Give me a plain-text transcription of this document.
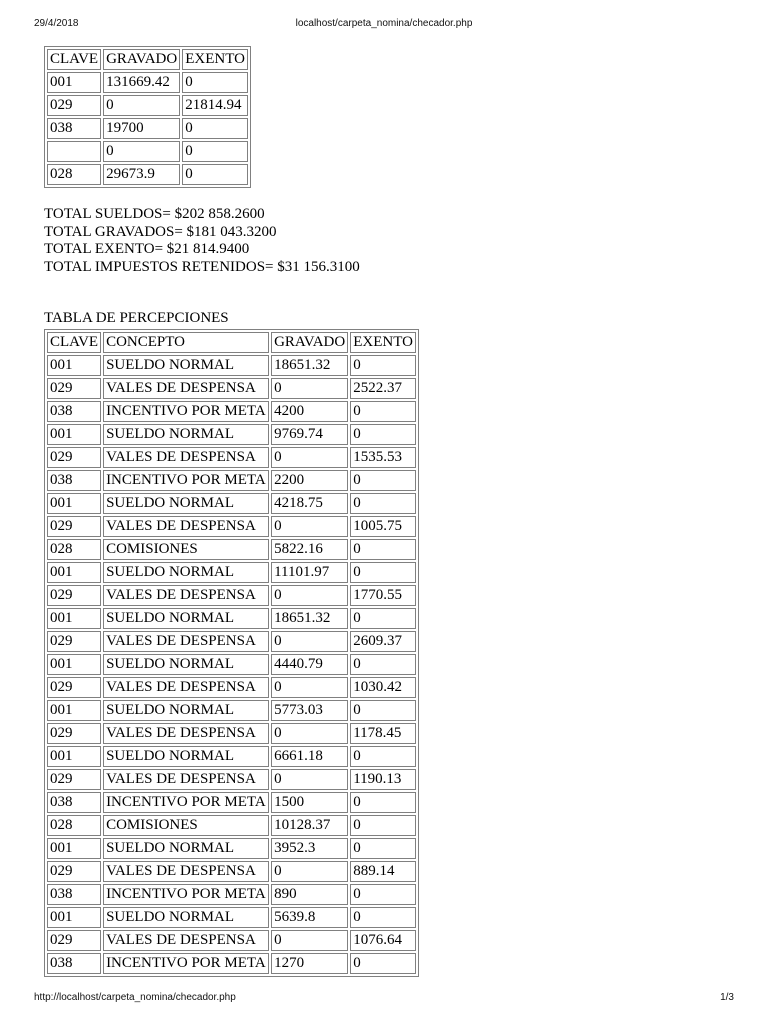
29/4/2018	localhost/carpeta_nomina/checador.php
CLAVE	GRAVADO	EXENTO
001	131669.42	0
029	0	21814.94
038	19700	0
	0	0
028	29673.9	0
TOTAL SUELDOS= $202 858.2600
TOTAL GRAVADOS= $181 043.3200
TOTAL EXENTO= $21 814.9400
TOTAL IMPUESTOS RETENIDOS= $31 156.3100
TABLA DE PERCEPCIONES
CLAVE	CONCEPTO	GRAVADO	EXENTO
001	SUELDO NORMAL	18651.32	0
029	VALES DE DESPENSA	0	2522.37
038	INCENTIVO POR META	4200	0
001	SUELDO NORMAL	9769.74	0
029	VALES DE DESPENSA	0	1535.53
038	INCENTIVO POR META	2200	0
001	SUELDO NORMAL	4218.75	0
029	VALES DE DESPENSA	0	1005.75
028	COMISIONES	5822.16	0
001	SUELDO NORMAL	11101.97	0
029	VALES DE DESPENSA	0	1770.55
001	SUELDO NORMAL	18651.32	0
029	VALES DE DESPENSA	0	2609.37
001	SUELDO NORMAL	4440.79	0
029	VALES DE DESPENSA	0	1030.42
001	SUELDO NORMAL	5773.03	0
029	VALES DE DESPENSA	0	1178.45
001	SUELDO NORMAL	6661.18	0
029	VALES DE DESPENSA	0	1190.13
038	INCENTIVO POR META	1500	0
028	COMISIONES	10128.37	0
001	SUELDO NORMAL	3952.3	0
029	VALES DE DESPENSA	0	889.14
038	INCENTIVO POR META	890	0
001	SUELDO NORMAL	5639.8	0
029	VALES DE DESPENSA	0	1076.64
038	INCENTIVO POR META	1270	0
http://localhost/carpeta_nomina/checador.php	1/3
